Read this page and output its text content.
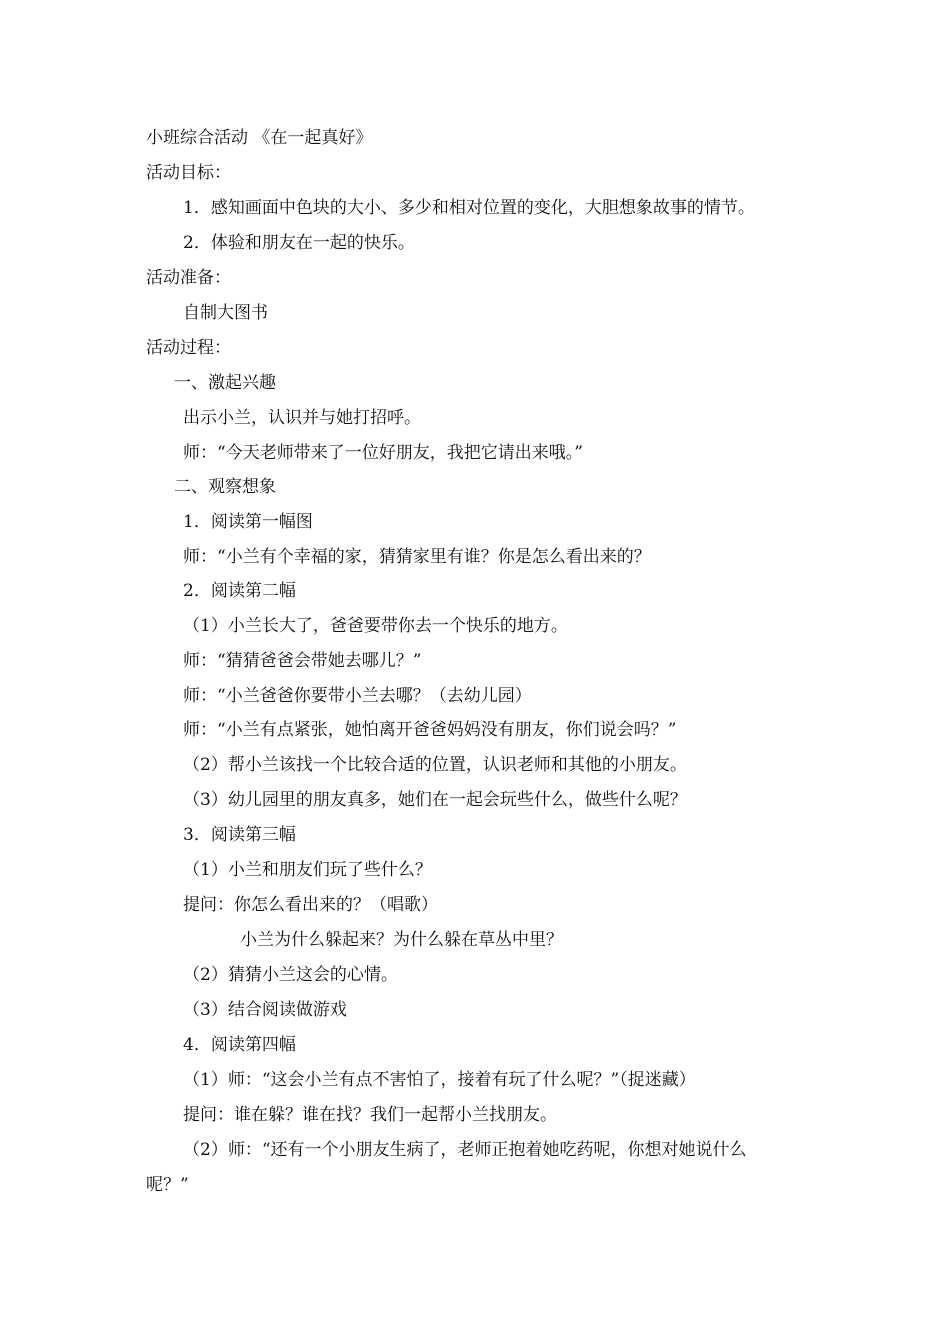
小班综合活动 《在一起真好》
活动目标：
1．感知画面中色块的大小、多少和相对位置的变化，大胆想象故事的情节。
2．体验和朋友在一起的快乐。
活动准备：
自制大图书
活动过程：
一、激起兴趣
出示小兰，认识并与她打招呼。
师：“今天老师带来了一位好朋友，我把它请出来哦。”
二、观察想象
1．阅读第一幅图
师：“小兰有个幸福的家，猜猜家里有谁？你是怎么看出来的？
2．阅读第二幅
（1）小兰长大了，爸爸要带你去一个快乐的地方。
师：“猜猜爸爸会带她去哪儿？”
师：“小兰爸爸你要带小兰去哪？（去幼儿园）
师：“小兰有点紧张，她怕离开爸爸妈妈没有朋友，你们说会吗？”
（2）帮小兰该找一个比较合适的位置，认识老师和其他的小朋友。
（3）幼儿园里的朋友真多，她们在一起会玩些什么，做些什么呢？
3．阅读第三幅
（1）小兰和朋友们玩了些什么？
提问：你怎么看出来的？（唱歌）
小兰为什么躲起来？为什么躲在草丛中里？
（2）猜猜小兰这会的心情。
（3）结合阅读做游戏
4．阅读第四幅
（1）师：“这会小兰有点不害怕了，接着有玩了什么呢？”（捉迷藏）
提问：谁在躲？谁在找？我们一起帮小兰找朋友。
（2）师：“还有一个小朋友生病了，老师正抱着她吃药呢，你想对她说什么
呢？”
